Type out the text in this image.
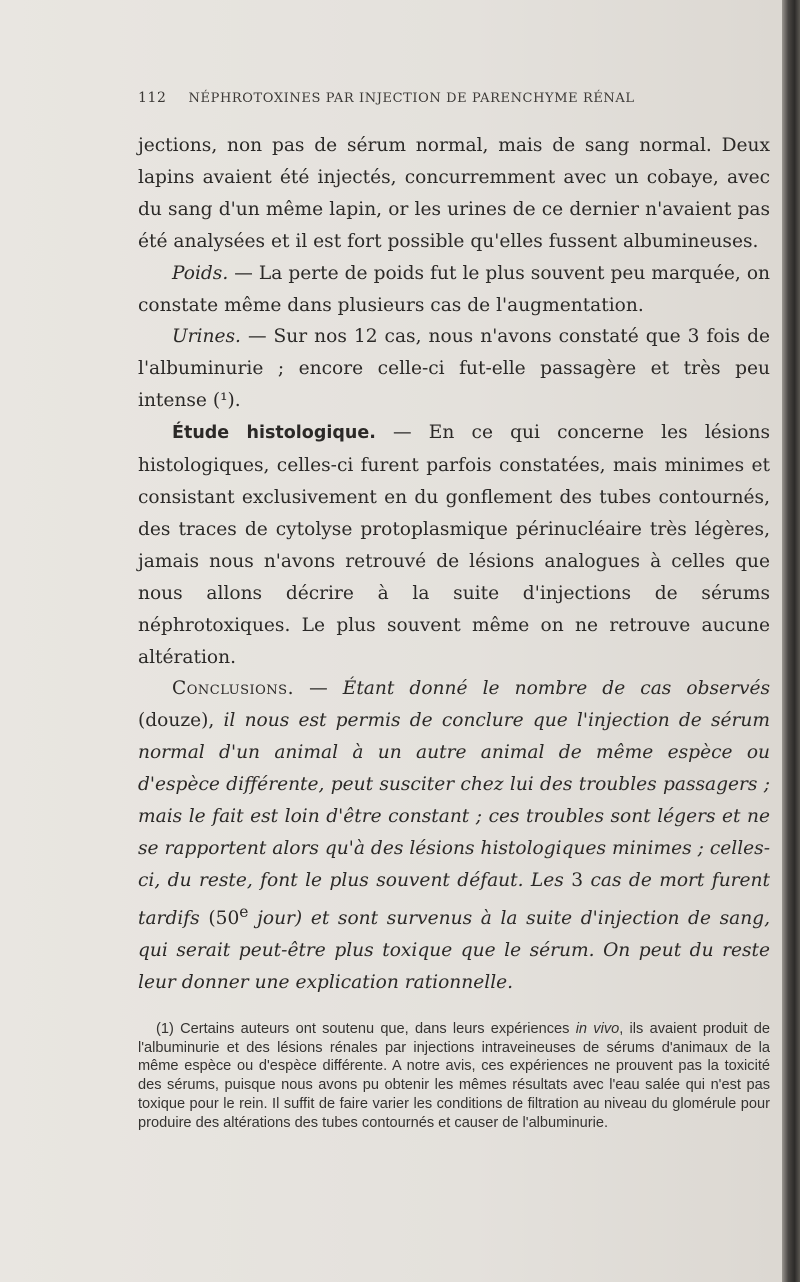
112 NÉPHROTOXINES PAR INJECTION DE PARENCHYME RÉNAL

jections, non pas de sérum normal, mais de sang normal. Deux lapins avaient été injectés, concurremment avec un cobaye, avec du sang d'un même lapin, or les urines de ce dernier n'avaient pas été analysées et il est fort possible qu'elles fussent albumineuses.

Poids. — La perte de poids fut le plus souvent peu marquée, on constate même dans plusieurs cas de l'augmentation.

Urines. — Sur nos 12 cas, nous n'avons constaté que 3 fois de l'albuminurie ; encore celle-ci fut-elle passagère et très peu intense (¹).

Étude histologique. — En ce qui concerne les lésions histologiques, celles-ci furent parfois constatées, mais minimes et consistant exclusivement en du gonflement des tubes contournés, des traces de cytolyse protoplasmique périnucléaire très légères, jamais nous n'avons retrouvé de lésions analogues à celles que nous allons décrire à la suite d'injections de sérums néphrotoxiques. Le plus souvent même on ne retrouve aucune altération.

Conclusions. — Étant donné le nombre de cas observés (douze), il nous est permis de conclure que l'injection de sérum normal d'un animal à un autre animal de même espèce ou d'espèce différente, peut susciter chez lui des troubles passagers ; mais le fait est loin d'être constant ; ces troubles sont légers et ne se rapportent alors qu'à des lésions histologiques minimes ; celles-ci, du reste, font le plus souvent défaut. Les 3 cas de mort furent tardifs (50e jour) et sont survenus à la suite d'injection de sang, qui serait peut-être plus toxique que le sérum. On peut du reste leur donner une explication rationnelle.

(1) Certains auteurs ont soutenu que, dans leurs expériences in vivo, ils avaient produit de l'albuminurie et des lésions rénales par injections intraveineuses de sérums d'animaux de la même espèce ou d'espèce différente. A notre avis, ces expériences ne prouvent pas la toxicité des sérums, puisque nous avons pu obtenir les mêmes résultats avec l'eau salée qui n'est pas toxique pour le rein. Il suffit de faire varier les conditions de filtration au niveau du glomérule pour produire des altérations des tubes contournés et causer de l'albuminurie.
